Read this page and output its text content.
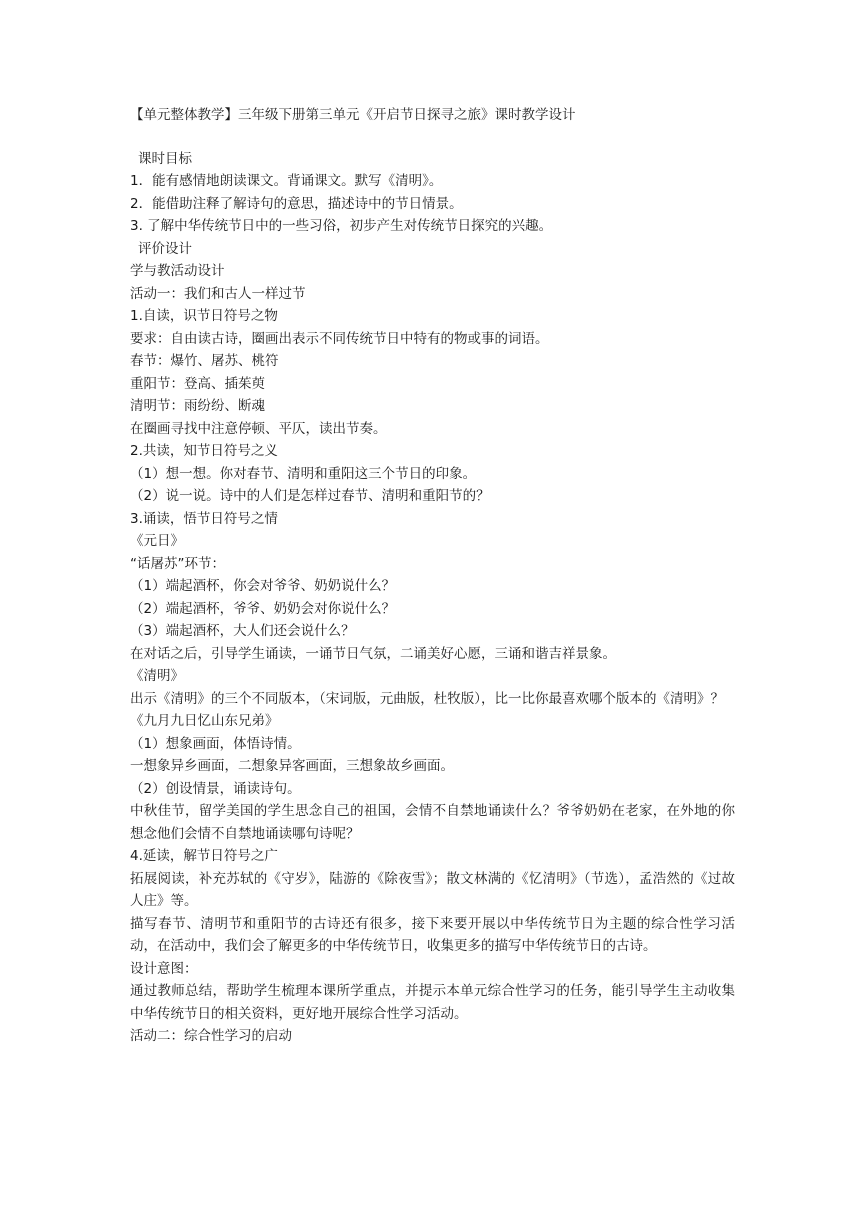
【单元整体教学】三年级下册第三单元《开启节日探寻之旅》课时教学设计

课时目标

1．能有感情地朗读课文。背诵课文。默写《清明》。

2．能借助注释了解诗句的意思，描述诗中的节日情景。

3. 了解中华传统节日中的一些习俗，初步产生对传统节日探究的兴趣。

评价设计

学与教活动设计

活动一：我们和古人一样过节

1.自读，识节日符号之物

要求：自由读古诗，圈画出表示不同传统节日中特有的物或事的词语。

春节：爆竹、屠苏、桃符

重阳节：登高、插茱萸

清明节：雨纷纷、断魂

在圈画寻找中注意停顿、平仄，读出节奏。

2.共读，知节日符号之义

（1）想一想。你对春节、清明和重阳这三个节日的印象。

（2）说一说。诗中的人们是怎样过春节、清明和重阳节的？

3.诵读，悟节日符号之情

《元日》

“话屠苏”环节：

（1）端起酒杯，你会对爷爷、奶奶说什么？

（2）端起酒杯，爷爷、奶奶会对你说什么？

（3）端起酒杯，大人们还会说什么？

在对话之后，引导学生诵读，一诵节日气氛，二诵美好心愿，三诵和谐吉祥景象。

《清明》

出示《清明》的三个不同版本，（宋词版，元曲版，杜牧版），比一比你最喜欢哪个版本的《清明》？

《九月九日忆山东兄弟》

（1）想象画面，体悟诗情。

一想象异乡画面，二想象异客画面，三想象故乡画面。

（2）创设情景，诵读诗句。

中秋佳节，留学美国的学生思念自己的祖国，会情不自禁地诵读什么？爷爷奶奶在老家，在外地的你想念他们会情不自禁地诵读哪句诗呢？

4.延读，解节日符号之广

拓展阅读，补充苏轼的《守岁》，陆游的《除夜雪》；散文林满的《忆清明》（节选），孟浩然的《过故人庄》等。

描写春节、清明节和重阳节的古诗还有很多，接下来要开展以中华传统节日为主题的综合性学习活动，在活动中，我们会了解更多的中华传统节日，收集更多的描写中华传统节日的古诗。

设计意图：

通过教师总结，帮助学生梳理本课所学重点，并提示本单元综合性学习的任务，能引导学生主动收集中华传统节日的相关资料，更好地开展综合性学习活动。

活动二：综合性学习的启动
